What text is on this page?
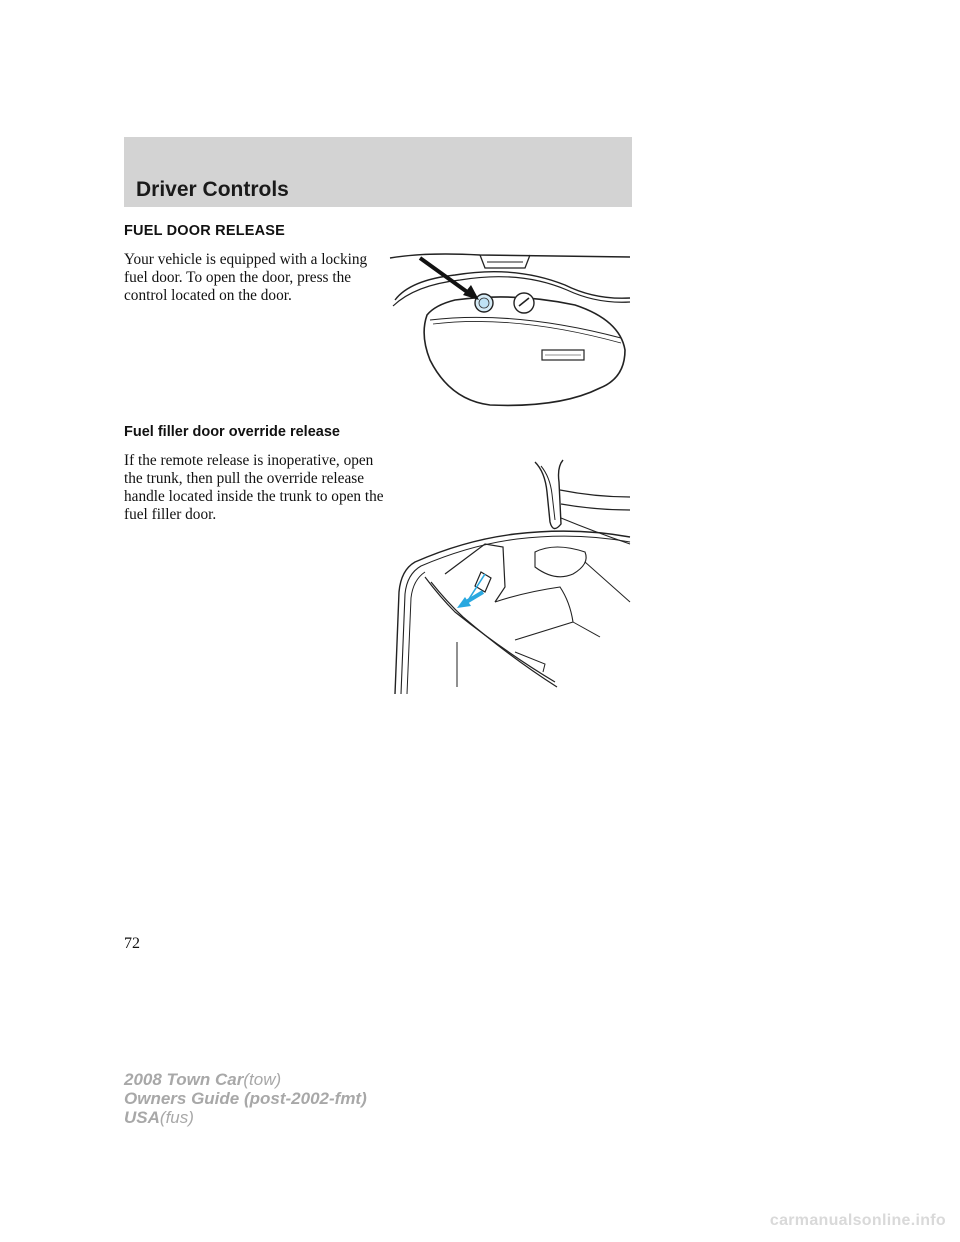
Driver Controls
FUEL DOOR RELEASE

Your vehicle is equipped with a locking fuel door. To open the door, press the control located on the door.

Fuel filler door override release

If the remote release is inoperative, open the trunk, then pull the override release handle located inside the trunk to open the fuel filler door.

72

2008 Town Car(tow)
Owners Guide (post-2002-fmt)
USA(fus)
carmanualsonline.info
